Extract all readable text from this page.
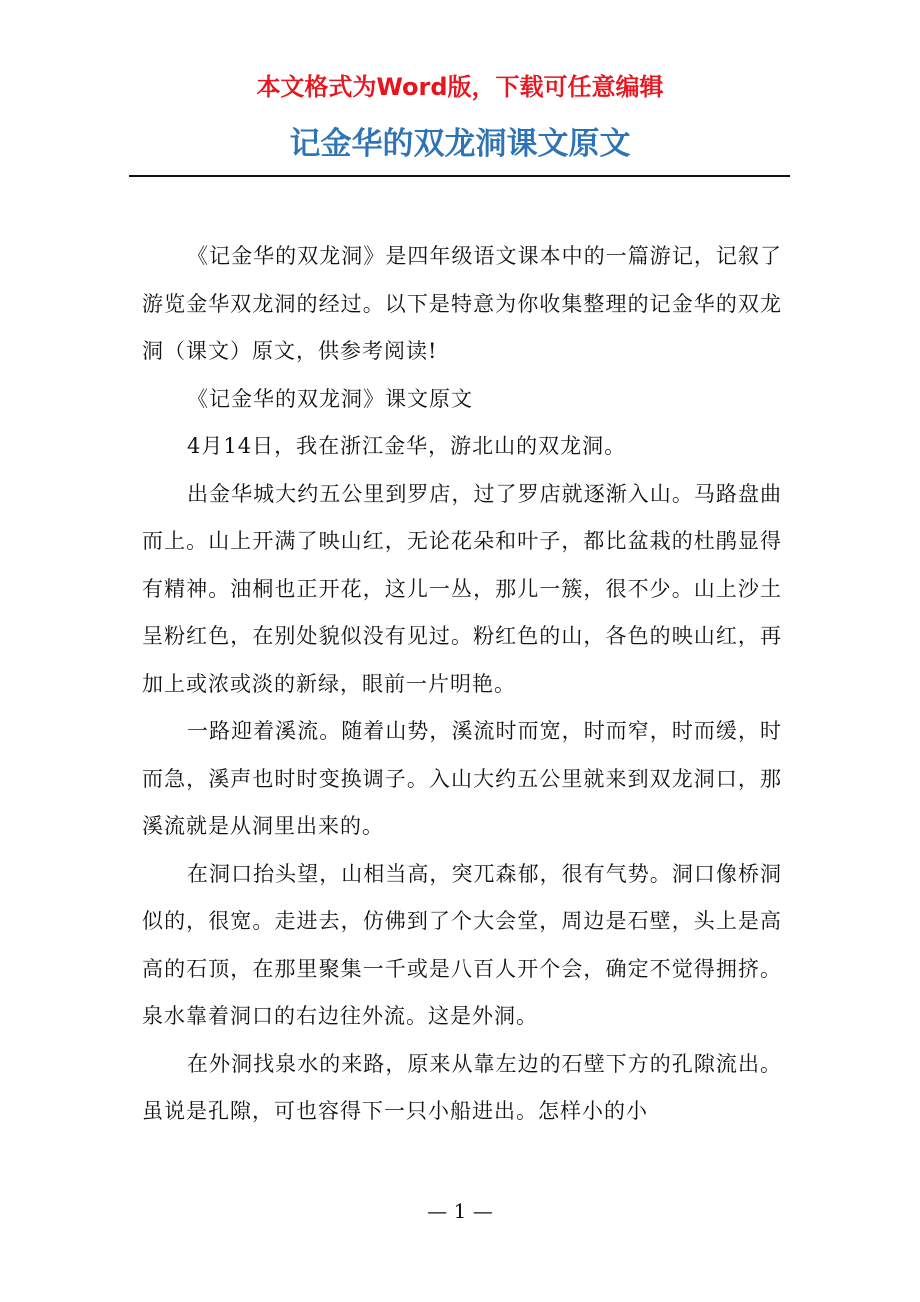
本文格式为Word版，下载可任意编辑

记金华的双龙洞课文原文

《记金华的双龙洞》是四年级语文课本中的一篇游记，记叙了游览金华双龙洞的经过。以下是特意为你收集整理的记金华的双龙洞（课文）原文，供参考阅读!

《记金华的双龙洞》课文原文

4月14日，我在浙江金华，游北山的双龙洞。

出金华城大约五公里到罗店，过了罗店就逐渐入山。马路盘曲而上。山上开满了映山红，无论花朵和叶子，都比盆栽的杜鹃显得有精神。油桐也正开花，这儿一丛，那儿一簇，很不少。山上沙土呈粉红色，在别处貌似没有见过。粉红色的山，各色的映山红，再加上或浓或淡的新绿，眼前一片明艳。

一路迎着溪流。随着山势，溪流时而宽，时而窄，时而缓，时而急，溪声也时时变换调子。入山大约五公里就来到双龙洞口，那溪流就是从洞里出来的。

在洞口抬头望，山相当高，突兀森郁，很有气势。洞口像桥洞似的，很宽。走进去，仿佛到了个大会堂，周边是石壁，头上是高高的石顶，在那里聚集一千或是八百人开个会，确定不觉得拥挤。泉水靠着洞口的右边往外流。这是外洞。

在外洞找泉水的来路，原来从靠左边的石壁下方的孔隙流出。虽说是孔隙，可也容得下一只小船进出。怎样小的小

— 1 —
